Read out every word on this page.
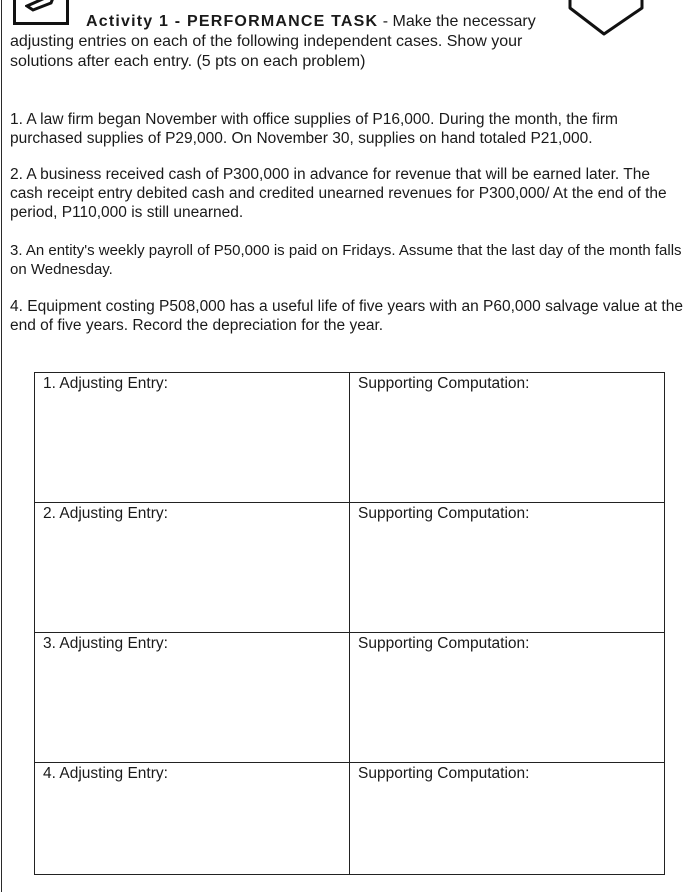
Activity 1 - PERFORMANCE TASK - Make the necessary
adjusting entries on each of the following independent cases. Show your
solutions after each entry. (5 pts on each problem)
1. A law firm began November with office supplies of P16,000. During the month, the firm purchased supplies of P29,000. On November 30, supplies on hand totaled P21,000.
2. A business received cash of P300,000 in advance for revenue that will be earned later. The cash receipt entry debited cash and credited unearned revenues for P300,000/ At the end of the period, P110,000 is still unearned.
3. An entity's weekly payroll of P50,000 is paid on Fridays. Assume that the last day of the month falls on Wednesday.
4. Equipment costing P508,000 has a useful life of five years with an P60,000 salvage value at the end of five years. Record the depreciation for the year.
1. Adjusting Entry:	Supporting Computation:
2. Adjusting Entry:	Supporting Computation:
3. Adjusting Entry:	Supporting Computation:
4. Adjusting Entry:	Supporting Computation:
